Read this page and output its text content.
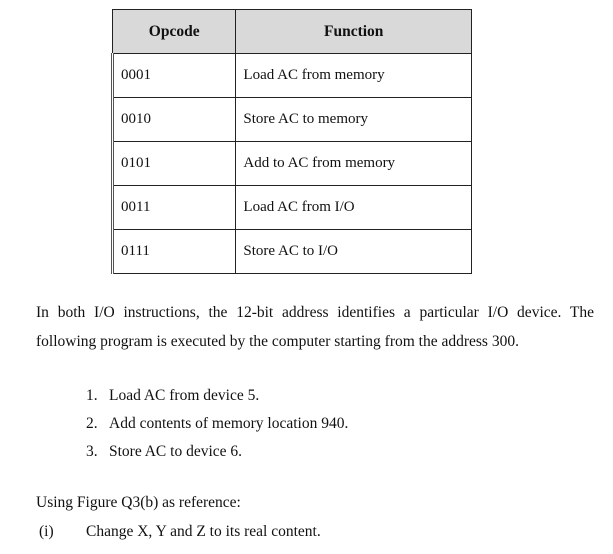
Opcode	Function
0001	Load AC from memory
0010	Store AC to memory
0101	Add to AC from memory
0011	Load AC from I/O
0111	Store AC to I/O

In both I/O instructions, the 12-bit address identifies a particular I/O device. The following program is executed by the computer starting from the address 300.

1. Load AC from device 5.
2. Add contents of memory location 940.
3. Store AC to device 6.
Using Figure Q3(b) as reference:
(i) Change X, Y and Z to its real content.
